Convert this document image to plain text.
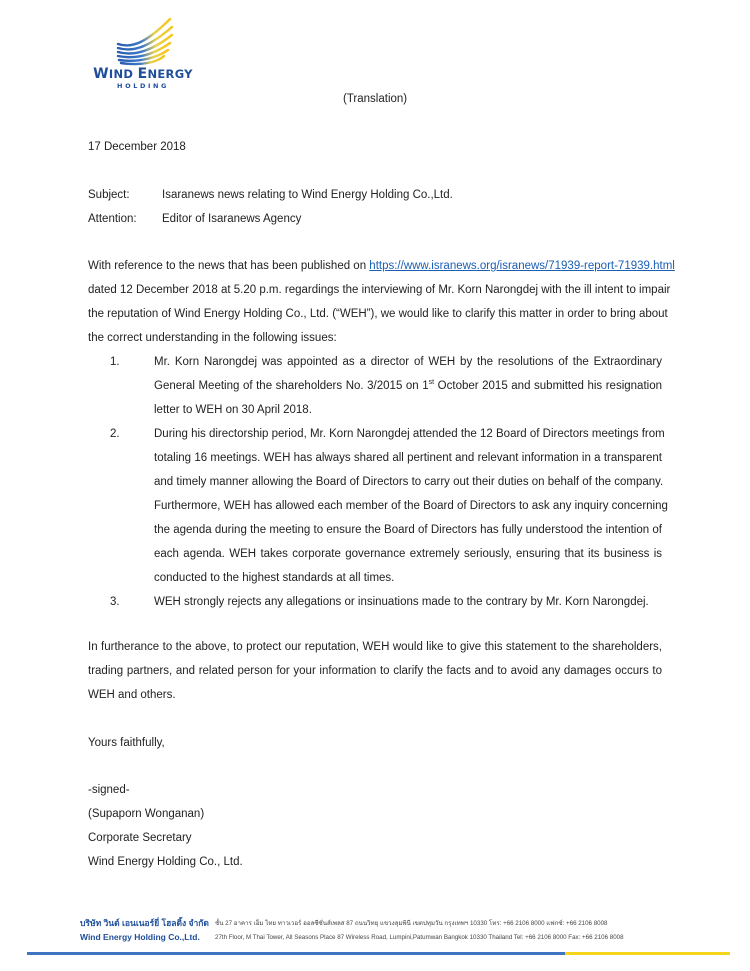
WIND ENERGY
HOLDING
(Translation)
17 December 2018
Subject:	Isaranews news relating to Wind Energy Holding Co.,Ltd.
Attention: Editor of Isaranews Agency
With reference to the news that has been published on https://www.isranews.org/isranews/71939-report-71939.html
dated 12 December 2018 at 5.20 p.m. regardings the interviewing of Mr. Korn Narongdej with the ill intent to impair
the reputation of Wind Energy Holding Co., Ltd. (“WEH”), we would like to clarify this matter in order to bring about
the correct understanding in the following issues:
1.	Mr. Korn Narongdej was appointed as a director of WEH by the resolutions of the Extraordinary
General Meeting of the shareholders No. 3/2015 on 1st October 2015 and submitted his resignation
letter to WEH on 30 April 2018.
2.	During his directorship period, Mr. Korn Narongdej attended the 12 Board of Directors meetings from
totaling 16 meetings. WEH has always shared all pertinent and relevant information in a transparent
and timely manner allowing the Board of Directors to carry out their duties on behalf of the company.
Furthermore, WEH has allowed each member of the Board of Directors to ask any inquiry concerning
the agenda during the meeting to ensure the Board of Directors has fully understood the intention of
each agenda. WEH takes corporate governance extremely seriously, ensuring that its business is
conducted to the highest standards at all times.
3.	WEH strongly rejects any allegations or insinuations made to the contrary by Mr. Korn Narongdej.
In furtherance to the above, to protect our reputation, WEH would like to give this statement to the shareholders,
trading partners, and related person for your information to clarify the facts and to avoid any damages occurs to
WEH and others.
Yours faithfully,
-signed-
(Supaporn Wonganan)
Corporate Secretary
Wind Energy Holding Co., Ltd.
บริษัท วินด์ เอนเนอร์ยี่ โฮลดิ้ง จำกัด
Wind Energy Holding Co.,Ltd.
ชั้น 27 อาคาร เอ็ม ไทย ทาวเวอร์ ออลซีซั่นส์เพลส 87 ถนนวิทยุ แขวงลุมพินี เขตปทุมวัน กรุงเทพฯ 10330 โทร: +66 2106 8000 แฟกซ์: +66 2106 8008
27th Floor, M Thai Tower, All Seasons Place 87 Wireless Road, Lumpini,Patumwan Bangkok 10330 Thailand Tel: +66 2106 8000 Fax: +66 2106 8008
